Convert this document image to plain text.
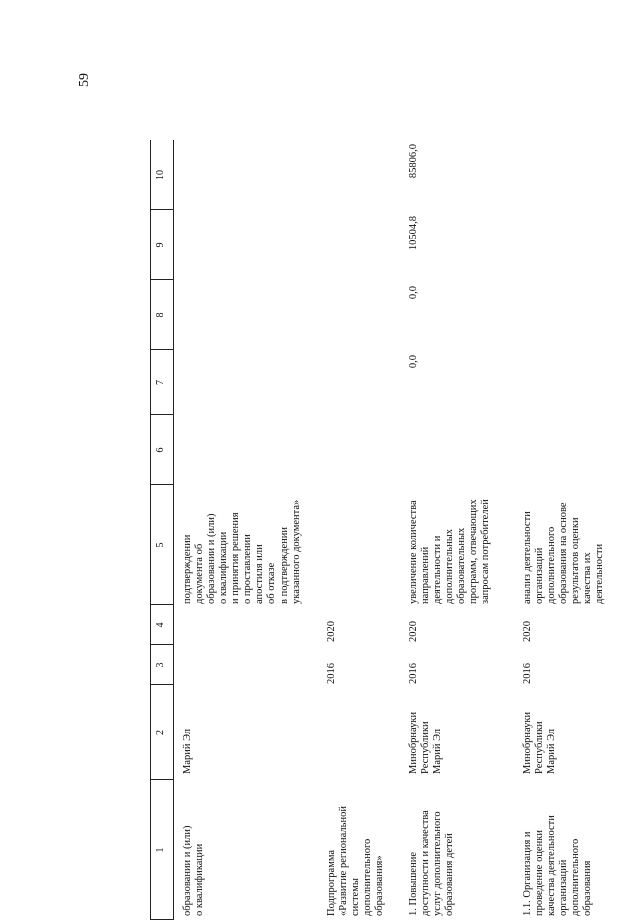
59
1
2
3
4
5
6
7
8
9
10
образовании и (или)
о квалификации
Марий Эл
подтверждении
документа об
образовании и (или)
о квалификации
и принятия решения
о проставлении
апостиля или
об отказе
в подтверждении
указанного документа»
Подпрограмма
«Развитие региональной
системы
дополнительного
образования»
2016
2020
1. Повышение
доступности и качества
услуг дополнительного
образования детей
Минобрнауки
Республики
Марий Эл
2016
2020
увеличение количества
направлений
деятельности и
дополнительных
образовательных
программ, отвечающих
запросам потребителей
0,0
0,0
10504,8
85806,0
1.1. Организация и
проведение оценки
качества деятельности
организаций
дополнительного
образования
Минобрнауки
Республики
Марий Эл
2016
2020
анализ деятельности
организаций
дополнительного
образования на основе
результатов оценки
качества их
деятельности
